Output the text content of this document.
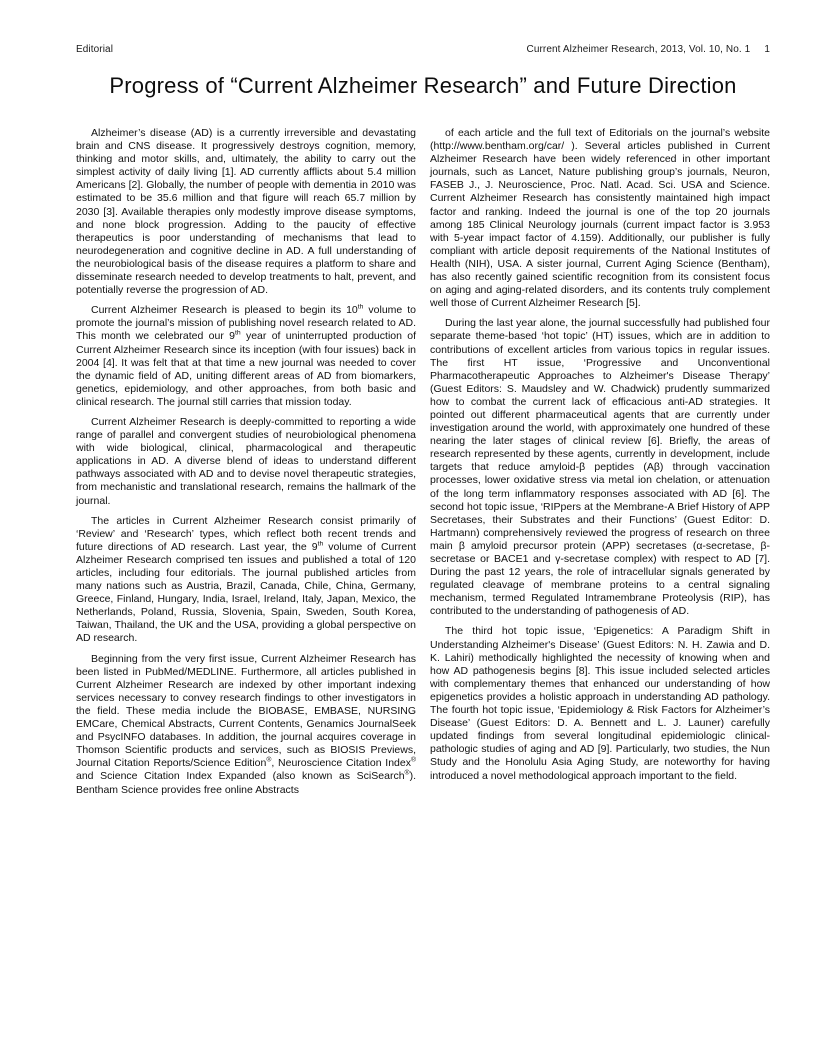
Editorial	Current Alzheimer Research, 2013, Vol. 10, No. 1 1
Progress of “Current Alzheimer Research” and Future Direction

Alzheimer’s disease (AD) is a currently irreversible and devastating brain and CNS disease. It progressively destroys cognition, memory, thinking and motor skills, and, ultimately, the ability to carry out the simplest activity of daily living [1]. AD currently afflicts about 5.4 million Americans [2]. Globally, the number of people with dementia in 2010 was estimated to be 35.6 million and that figure will reach 65.7 million by 2030 [3]. Available therapies only modestly improve disease symptoms, and none block progression. Adding to the paucity of effective therapeutics is poor understanding of mechanisms that lead to neurodegeneration and cognitive decline in AD. A full understanding of the neurobiological basis of the disease requires a platform to share and disseminate research needed to develop treatments to halt, prevent, and potentially reverse the progression of AD.

Current Alzheimer Research is pleased to begin its 10th volume to promote the journal’s mission of publishing novel research related to AD. This month we celebrated our 9th year of uninterrupted production of Current Alzheimer Research since its inception (with four issues) back in 2004 [4]. It was felt that at that time a new journal was needed to cover the dynamic field of AD, uniting different areas of AD from biomarkers, genetics, epidemiology, and other approaches, from both basic and clinical research. The journal still carries that mission today.

Current Alzheimer Research is deeply-committed to reporting a wide range of parallel and convergent studies of neurobiological phenomena with wide biological, clinical, pharmacological and therapeutic applications in AD. A diverse blend of ideas to understand different pathways associated with AD and to devise novel therapeutic strategies, from mechanistic and translational research, remains the hallmark of the journal.

The articles in Current Alzheimer Research consist primarily of ‘Review’ and ‘Research’ types, which reflect both recent trends and future directions of AD research. Last year, the 9th volume of Current Alzheimer Research comprised ten issues and published a total of 120 articles, including four editorials. The journal published articles from many nations such as Austria, Brazil, Canada, Chile, China, Germany, Greece, Finland, Hungary, India, Israel, Ireland, Italy, Japan, Mexico, the Netherlands, Poland, Russia, Slovenia, Spain, Sweden, South Korea, Taiwan, Thailand, the UK and the USA, providing a global perspective on AD research.

Beginning from the very first issue, Current Alzheimer Research has been listed in PubMed/MEDLINE. Furthermore, all articles published in Current Alzheimer Research are indexed by other important indexing services necessary to convey research findings to other investigators in the field. These media include the BIOBASE, EMBASE, NURSING EMCare, Chemical Abstracts, Current Contents, Genamics JournalSeek and PsycINFO databases. In addition, the journal acquires coverage in Thomson Scientific products and services, such as BIOSIS Previews, Journal Citation Reports/Science Edition®, Neuroscience Citation Index® and Science Citation Index Expanded (also known as SciSearch®). Bentham Science provides free online Abstracts

of each article and the full text of Editorials on the journal’s website (http://www.bentham.org/car/ ). Several articles published in Current Alzheimer Research have been widely referenced in other important journals, such as Lancet, Nature publishing group’s journals, Neuron, FASEB J., J. Neuroscience, Proc. Natl. Acad. Sci. USA and Science. Current Alzheimer Research has consistently maintained high impact factor and ranking. Indeed the journal is one of the top 20 journals among 185 Clinical Neurology journals (current impact factor is 3.953 with 5-year impact factor of 4.159). Additionally, our publisher is fully compliant with article deposit requirements of the National Institutes of Health (NIH), USA. A sister journal, Current Aging Science (Bentham), has also recently gained scientific recognition from its consistent focus on aging and aging-related disorders, and its contents truly complement well those of Current Alzheimer Research [5].

During the last year alone, the journal successfully had published four separate theme-based ‘hot topic’ (HT) issues, which are in addition to contributions of excellent articles from various topics in regular issues. The first HT issue, ‘Progressive and Unconventional Pharmacotherapeutic Approaches to Alzheimer's Disease Therapy’ (Guest Editors: S. Maudsley and W. Chadwick) prudently summarized how to combat the current lack of efficacious anti-AD strategies. It pointed out different pharmaceutical agents that are currently under investigation around the world, with approximately one hundred of these nearing the later stages of clinical review [6]. Briefly, the areas of research represented by these agents, currently in development, include targets that reduce amyloid-β peptides (Aβ) through vaccination processes, lower oxidative stress via metal ion chelation, or attenuation of the long term inflammatory responses associated with AD [6]. The second hot topic issue, ‘RIPpers at the Membrane-A Brief History of APP Secretases, their Substrates and their Functions’ (Guest Editor: D. Hartmann) comprehensively reviewed the progress of research on three main β amyloid precursor protein (APP) secretases (α-secretase, β-secretase or BACE1 and γ-secretase complex) with respect to AD [7]. During the past 12 years, the role of intracellular signals generated by regulated cleavage of membrane proteins to a central signaling mechanism, termed Regulated Intramembrane Proteolysis (RIP), has contributed to the understanding of pathogenesis of AD.

The third hot topic issue, ‘Epigenetics: A Paradigm Shift in Understanding Alzheimer's Disease’ (Guest Editors: N. H. Zawia and D. K. Lahiri) methodically highlighted the necessity of knowing when and how AD pathogenesis begins [8]. This issue included selected articles with complementary themes that enhanced our understanding of how epigenetics provides a holistic approach in understanding AD pathology. The fourth hot topic issue, ‘Epidemiology & Risk Factors for Alzheimer’s Disease’ (Guest Editors: D. A. Bennett and L. J. Launer) carefully updated findings from several longitudinal epidemiologic clinical-pathologic studies of aging and AD [9]. Particularly, two studies, the Nun Study and the Honolulu Asia Aging Study, are noteworthy for having introduced a novel methodological approach important to the field.
